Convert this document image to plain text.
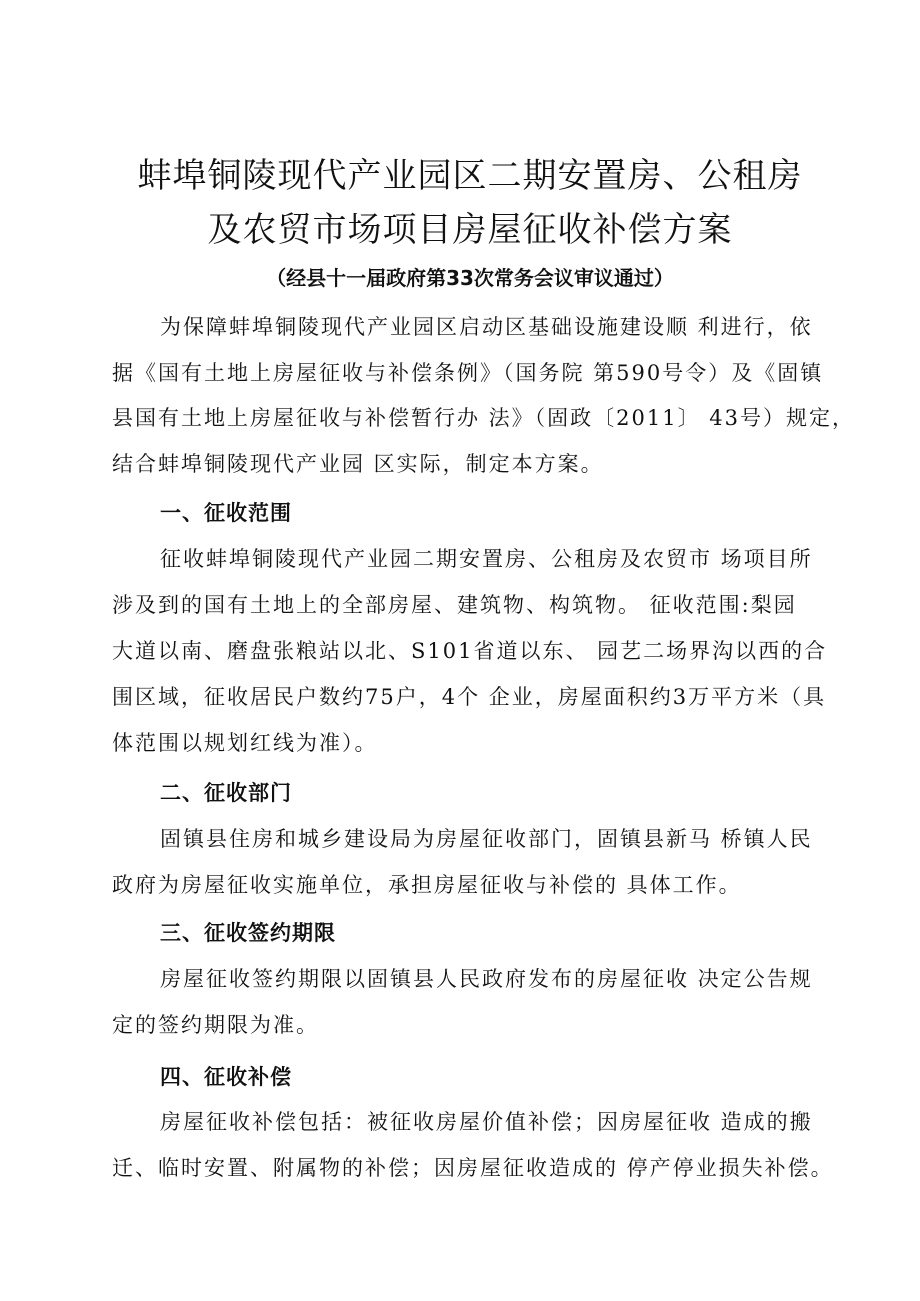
蚌埠铜陵现代产业园区二期安置房、公租房
及农贸市场项目房屋征收补偿方案
（经县十一届政府第33次常务会议审议通过）
为保障蚌埠铜陵现代产业园区启动区基础设施建设顺 利进行，依
据《国有土地上房屋征收与补偿条例》（国务院 第590号令）及《固镇
县国有土地上房屋征收与补偿暂行办 法》（固政〔2011〕 43号）规定，
结合蚌埠铜陵现代产业园 区实际，制定本方案。
一、征收范围
征收蚌埠铜陵现代产业园二期安置房、公租房及农贸市 场项目所
涉及到的国有土地上的全部房屋、建筑物、构筑物。 征收范围:梨园
大道以南、磨盘张粮站以北、S101省道以东、 园艺二场界沟以西的合
围区域，征收居民户数约75户，4个 企业，房屋面积约3万平方米（具
体范围以规划红线为准）。
二、征收部门
固镇县住房和城乡建设局为房屋征收部门，固镇县新马 桥镇人民
政府为房屋征收实施单位，承担房屋征收与补偿的 具体工作。
三、征收签约期限
房屋征收签约期限以固镇县人民政府发布的房屋征收 决定公告规
定的签约期限为准。
四、征收补偿
房屋征收补偿包括：被征收房屋价值补偿；因房屋征收 造成的搬
迁、临时安置、附属物的补偿；因房屋征收造成的 停产停业损失补偿。
